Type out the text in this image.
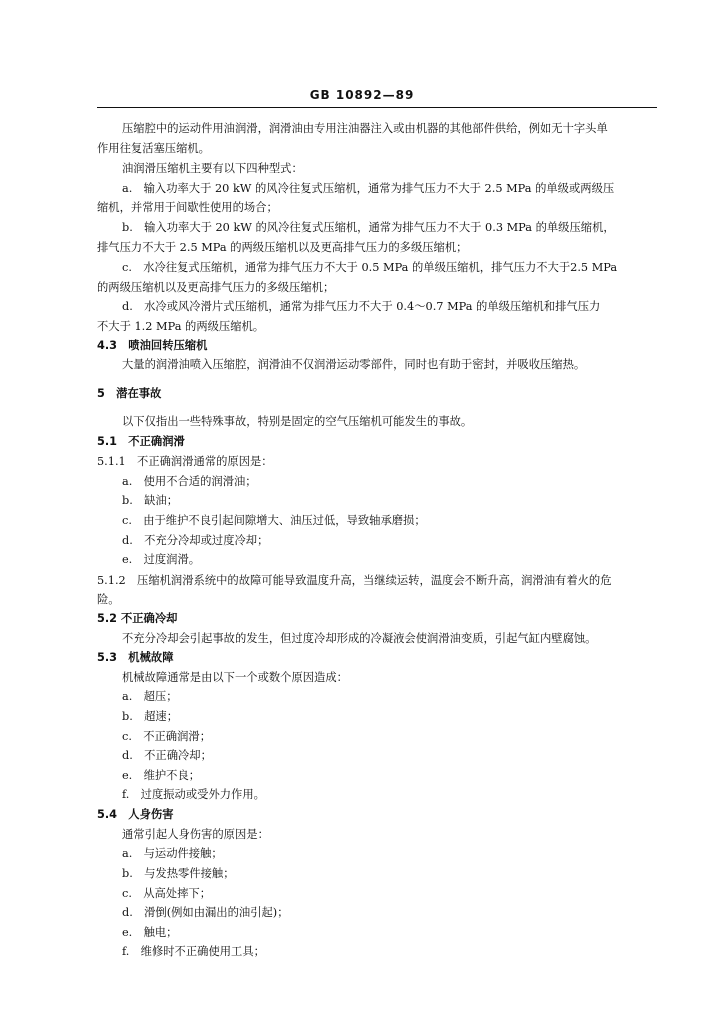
GB 10892—89
压缩腔中的运动件用油润滑，润滑油由专用注油器注入或由机器的其他部件供给，例如无十字头单
作用往复活塞压缩机。
油润滑压缩机主要有以下四种型式：
a.　输入功率大于 20 kW 的风冷往复式压缩机，通常为排气压力不大于 2.5 MPa 的单级或两级压
缩机，并常用于间歇性使用的场合；
b.　输入功率大于 20 kW 的风冷往复式压缩机，通常为排气压力不大于 0.3 MPa 的单级压缩机，
排气压力不大于 2.5 MPa 的两级压缩机以及更高排气压力的多级压缩机；
c.　水冷往复式压缩机，通常为排气压力不大于 0.5 MPa 的单级压缩机，排气压力不大于2.5 MPa
的两级压缩机以及更高排气压力的多级压缩机；
d.　水冷或风冷滑片式压缩机，通常为排气压力不大于 0.4～0.7 MPa 的单级压缩机和排气压力
不大于 1.2 MPa 的两级压缩机。
4.3　喷油回转压缩机
大量的润滑油喷入压缩腔，润滑油不仅润滑运动零部件，同时也有助于密封，并吸收压缩热。
5　潜在事故
以下仅指出一些特殊事故，特别是固定的空气压缩机可能发生的事故。
5.1　不正确润滑
5.1.1　不正确润滑通常的原因是：
a.　使用不合适的润滑油；
b.　缺油；
c.　由于维护不良引起间隙增大、油压过低，导致轴承磨损；
d.　不充分冷却或过度冷却；
e.　过度润滑。
5.1.2　压缩机润滑系统中的故障可能导致温度升高，当继续运转，温度会不断升高，润滑油有着火的危
险。
5.2 不正确冷却
不充分冷却会引起事故的发生，但过度冷却形成的冷凝液会使润滑油变质，引起气缸内壁腐蚀。
5.3　机械故障
机械故障通常是由以下一个或数个原因造成：
a.　超压；
b.　超速；
c.　不正确润滑；
d.　不正确冷却；
e.　维护不良；
f.　过度振动或受外力作用。
5.4　人身伤害
通常引起人身伤害的原因是：
a.　与运动件接触；
b.　与发热零件接触；
c.　从高处摔下；
d.　滑倒(例如由漏出的油引起)；
e.　触电；
f.　维修时不正确使用工具；
